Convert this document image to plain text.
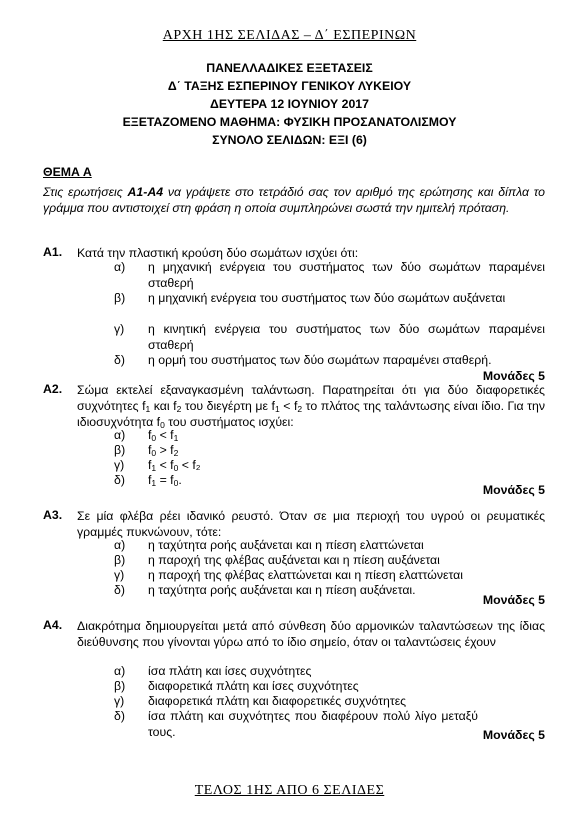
ΑΡΧΗ 1ΗΣ ΣΕΛΙΔΑΣ – Δ΄ ΕΣΠΕΡΙΝΩΝ
ΠΑΝΕΛΛΑΔΙΚΕΣ ΕΞΕΤΑΣΕΙΣ
Δ΄ ΤΑΞΗΣ ΕΣΠΕΡΙΝΟΥ ΓΕΝΙΚΟΥ ΛΥΚΕΙΟΥ
ΔΕΥΤΕΡΑ 12 ΙΟΥΝΙΟΥ 2017
ΕΞΕΤΑΖΟΜΕΝΟ ΜΑΘΗΜΑ: ΦΥΣΙΚΗ ΠΡΟΣΑΝΑΤΟΛΙΣΜΟΥ
ΣΥΝΟΛΟ ΣΕΛΙΔΩΝ: ΕΞΙ (6)
ΘΕΜΑ Α
Στις ερωτήσεις Α1-Α4 να γράψετε στο τετράδιό σας τον αριθμό της ερώτησης και δίπλα το γράμμα που αντιστοιχεί στη φράση η οποία συμπληρώνει σωστά την ημιτελή πρόταση.
Α1. Κατά την πλαστική κρούση δύο σωμάτων ισχύει ότι:
α) η μηχανική ενέργεια του συστήματος των δύο σωμάτων παραμένει σταθερή
β) η μηχανική ενέργεια του συστήματος των δύο σωμάτων αυξάνεται
γ) η κινητική ενέργεια του συστήματος των δύο σωμάτων παραμένει σταθερή
δ) η ορμή του συστήματος των δύο σωμάτων παραμένει σταθερή.
Μονάδες 5
Α2. Σώμα εκτελεί εξαναγκασμένη ταλάντωση. Παρατηρείται ότι για δύο διαφορετικές συχνότητες $f_1$ και $f_2$ του διεγέρτη με $f_1 < f_2$ το πλάτος της ταλάντωσης είναι ίδιο. Για την ιδιοσυχνότητα $f_0$ του συστήματος ισχύει:
α) $f_0 < f_1$
β) $f_0 > f_2$
γ) $f_1 < f_0 < f_2$
δ) $f_1 = f_0$.
Μονάδες 5
Α3. Σε μία φλέβα ρέει ιδανικό ρευστό. Όταν σε μια περιοχή του υγρού οι ρευματικές γραμμές πυκνώνουν, τότε:
α) η ταχύτητα ροής αυξάνεται και η πίεση ελαττώνεται
β) η παροχή της φλέβας αυξάνεται και η πίεση αυξάνεται
γ) η παροχή της φλέβας ελαττώνεται και η πίεση ελαττώνεται
δ) η ταχύτητα ροής αυξάνεται και η πίεση αυξάνεται.
Μονάδες 5
Α4. Διακρότημα δημιουργείται μετά από σύνθεση δύο αρμονικών ταλαντώσεων της ίδιας διεύθυνσης που γίνονται γύρω από το ίδιο σημείο, όταν οι ταλαντώσεις έχουν
α) ίσα πλάτη και ίσες συχνότητες
β) διαφορετικά πλάτη και ίσες συχνότητες
γ) διαφορετικά πλάτη και διαφορετικές συχνότητες
δ) ίσα πλάτη και συχνότητες που διαφέρουν πολύ λίγο μεταξύ τους.	Μονάδες 5
ΤΕΛΟΣ 1ΗΣ ΑΠΟ 6 ΣΕΛΙΔΕΣ
